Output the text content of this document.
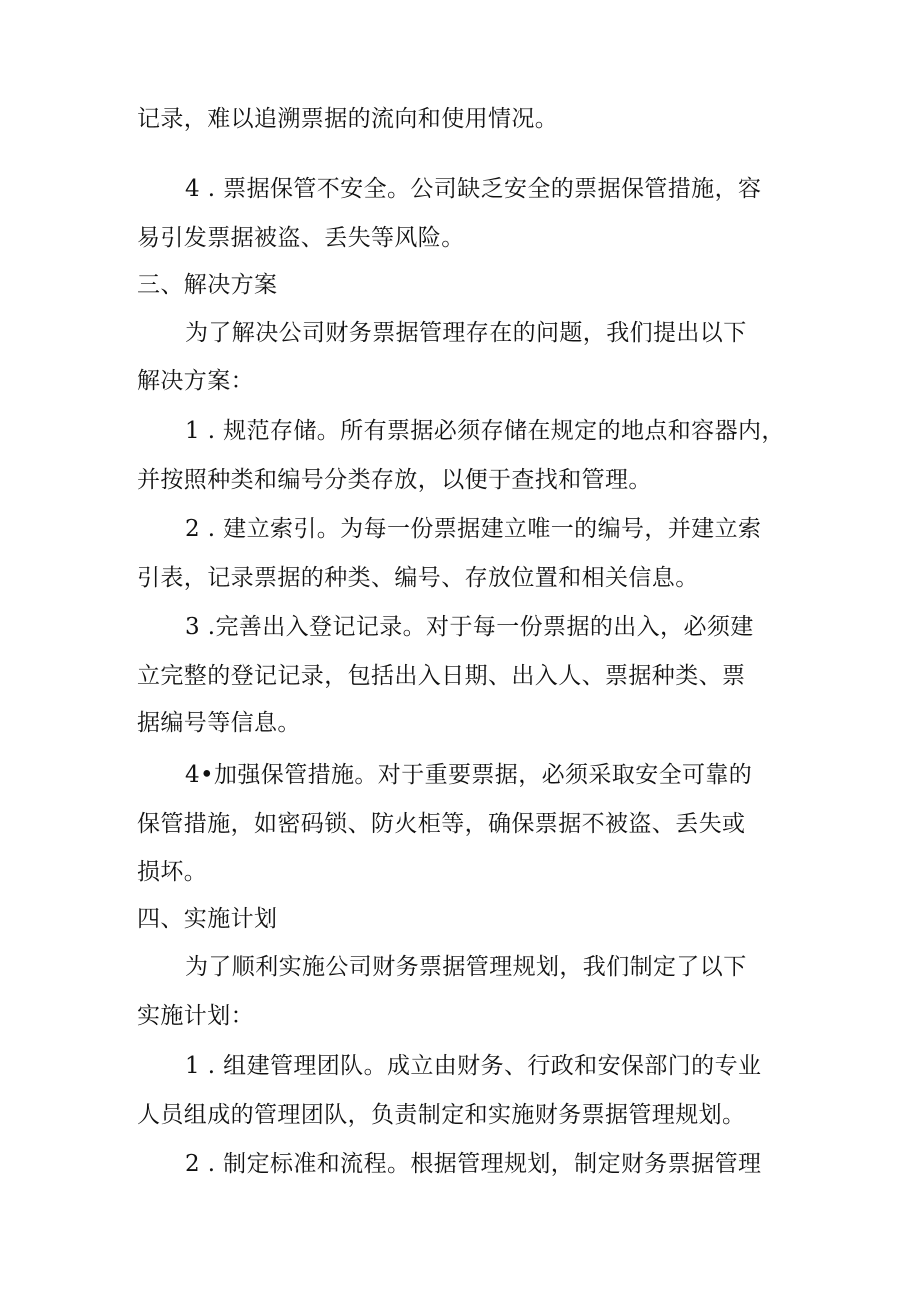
记录，难以追溯票据的流向和使用情况。
4 . 票据保管不安全。公司缺乏安全的票据保管措施，容
易引发票据被盗、丢失等风险。
三、解决方案
为了解决公司财务票据管理存在的问题，我们提出以下
解决方案：
1 . 规范存储。所有票据必须存储在规定的地点和容器内，
并按照种类和编号分类存放，以便于查找和管理。
2 . 建立索引。为每一份票据建立唯一的编号，并建立索
引表，记录票据的种类、编号、存放位置和相关信息。
3 .完善出入登记记录。对于每一份票据的出入，必须建
立完整的登记记录，包括出入日期、出入人、票据种类、票
据编号等信息。
4•加强保管措施。对于重要票据，必须采取安全可靠的
保管措施，如密码锁、防火柜等，确保票据不被盗、丢失或
损坏。
四、实施计划
为了顺利实施公司财务票据管理规划，我们制定了以下
实施计划：
1 . 组建管理团队。成立由财务、行政和安保部门的专业
人员组成的管理团队，负责制定和实施财务票据管理规划。
2 . 制定标准和流程。根据管理规划，制定财务票据管理
